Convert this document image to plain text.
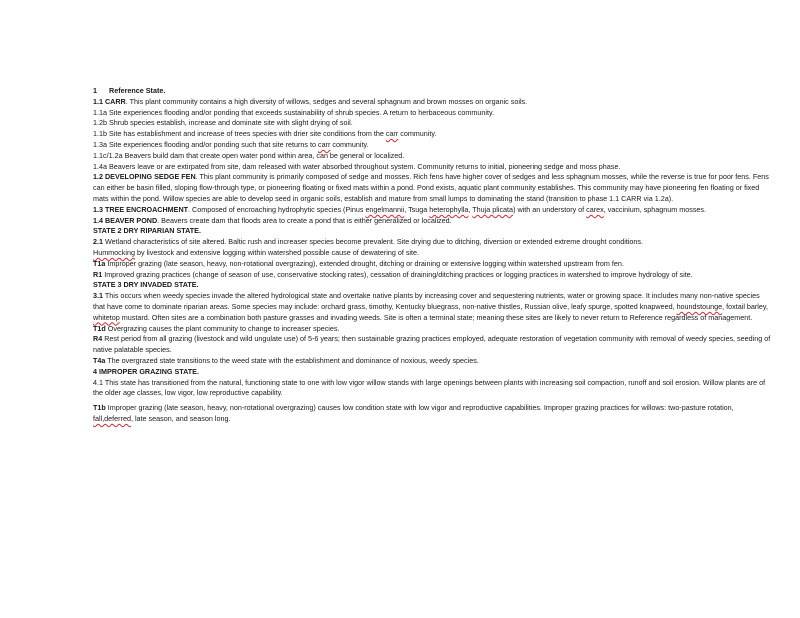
1 Reference State.

1.1 CARR. This plant community contains a high diversity of willows, sedges and several sphagnum and brown mosses on organic soils.

1.1a Site experiences flooding and/or ponding that exceeds sustainability of shrub species. A return to herbaceous community.

1.2b Shrub species establish, increase and dominate site with slight drying of soil.

1.1b Site has establishment and increase of trees species with drier site conditions from the carr community.

1.3a Site experiences flooding and/or ponding such that site returns to carr community.

1.1c/1.2a Beavers build dam that create open water pond within area, can be general or localized.

1.4a Beavers leave or are extirpated from site, dam released with water absorbed throughout system. Community returns to initial, pioneering sedge and moss phase.

1.2 DEVELOPING SEDGE FEN. This plant community is primarily composed of sedge and mosses. Rich fens have higher cover of sedges and less sphagnum mosses, while the reverse is true for poor fens. Fens can either be basin filled, sloping flow-through type, or pioneering floating or fixed mats within a pond. Pond exists, aquatic plant community establishes. This community may have pioneering fen floating or fixed mats within the pond. Willow species are able to develop seed in organic soils, establish and mature from small lumps to dominating the stand (transition to phase 1.1 CARR via 1.2a).

1.3 TREE ENCROACHMENT. Composed of encroaching hydrophytic species (Pinus engelmannii, Tsuga heterophylla, Thuja plicata) with an understory of carex, vaccinium, sphagnum mosses.

1.4 BEAVER POND. Beavers create dam that floods area to create a pond that is either generalized or localized.

STATE 2 DRY RIPARIAN STATE.

2.1 Wetland characteristics of site altered. Baltic rush and increaser species become prevalent. Site drying due to ditching, diversion or extended extreme drought conditions.
Hummocking by livestock and extensive logging within watershed possible cause of dewatering of site.

T1a Improper grazing (late season, heavy, non-rotational overgrazing), extended drought, ditching or draining or extensive logging within watershed upstream from fen.

R1 Improved grazing practices (change of season of use, conservative stocking rates), cessation of draining/ditching practices or logging practices in watershed to improve hydrology of site.

STATE 3 DRY INVADED STATE.

3.1 This occurs when weedy species invade the altered hydrological state and overtake native plants by increasing cover and sequestering nutrients, water or growing space. It includes many non-native species that have come to dominate riparian areas. Some species may include: orchard grass, timothy, Kentucky bluegrass, non-native thistles, Russian olive, leafy spurge, spotted knapweed, houndstounge, foxtail barley, whitetop mustard. Often sites are a combination both pasture grasses and invading weeds. Site is often a terminal state; meaning these sites are likely to never return to Reference regardless of management.

T1d Overgrazing causes the plant community to change to increaser species.

R4 Rest period from all grazing (livestock and wild ungulate use) of 5-6 years; then sustainable grazing practices employed, adequate restoration of vegetation community with removal of weedy species, seeding of native palatable species.

T4a The overgrazed state transitions to the weed state with the establishment and dominance of noxious, weedy species.

4 IMPROPER GRAZING STATE.

4.1 This state has transitioned from the natural, functioning state to one with low vigor willow stands with large openings between plants with increasing soil compaction, runoff and soil erosion. Willow plants are of the older age classes, low vigor, low reproductive capability.

T1b Improper grazing (late season, heavy, non-rotational overgrazing) causes low condition state with low vigor and reproductive capabilities. Improper grazing practices for willows: two-pasture rotation, fall,deferred, late season, and season long.
